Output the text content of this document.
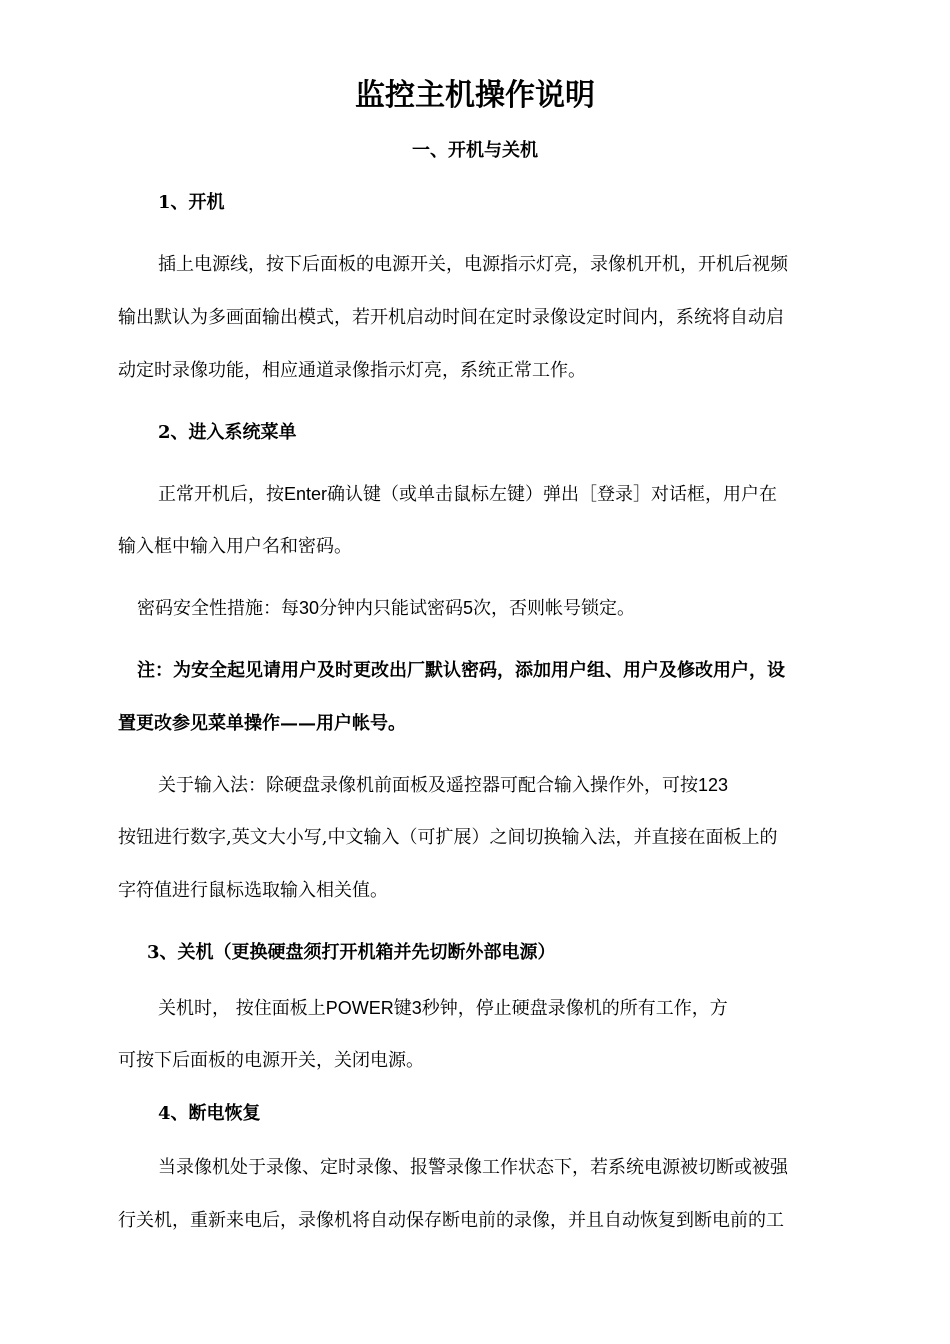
监控主机操作说明
一、开机与关机

1、开机

插上电源线，按下后面板的电源开关，电源指示灯亮，录像机开机，开机后视频

输出默认为多画面输出模式，若开机启动时间在定时录像设定时间内，系统将自动启

动定时录像功能，相应通道录像指示灯亮，系统正常工作。

2、进入系统菜单

正常开机后，按Enter确认键（或单击鼠标左键）弹出［登录］对话框，用户在

输入框中输入用户名和密码。

密码安全性措施：每30分钟内只能试密码5次，否则帐号锁定。

注：为安全起见请用户及时更改出厂默认密码，添加用户组、用户及修改用户，设

置更改参见菜单操作——用户帐号。

关于输入法：除硬盘录像机前面板及遥控器可配合输入操作外，可按123

按钮进行数字,英文大小写,中文输入（可扩展）之间切换输入法，并直接在面板上的

字符值进行鼠标选取输入相关值。

3、关机（更换硬盘须打开机箱并先切断外部电源）

关机时， 按住面板上POWER键3秒钟，停止硬盘录像机的所有工作，方

可按下后面板的电源开关，关闭电源。

4、断电恢复

当录像机处于录像、定时录像、报警录像工作状态下，若系统电源被切断或被强

行关机，重新来电后，录像机将自动保存断电前的录像，并且自动恢复到断电前的工
